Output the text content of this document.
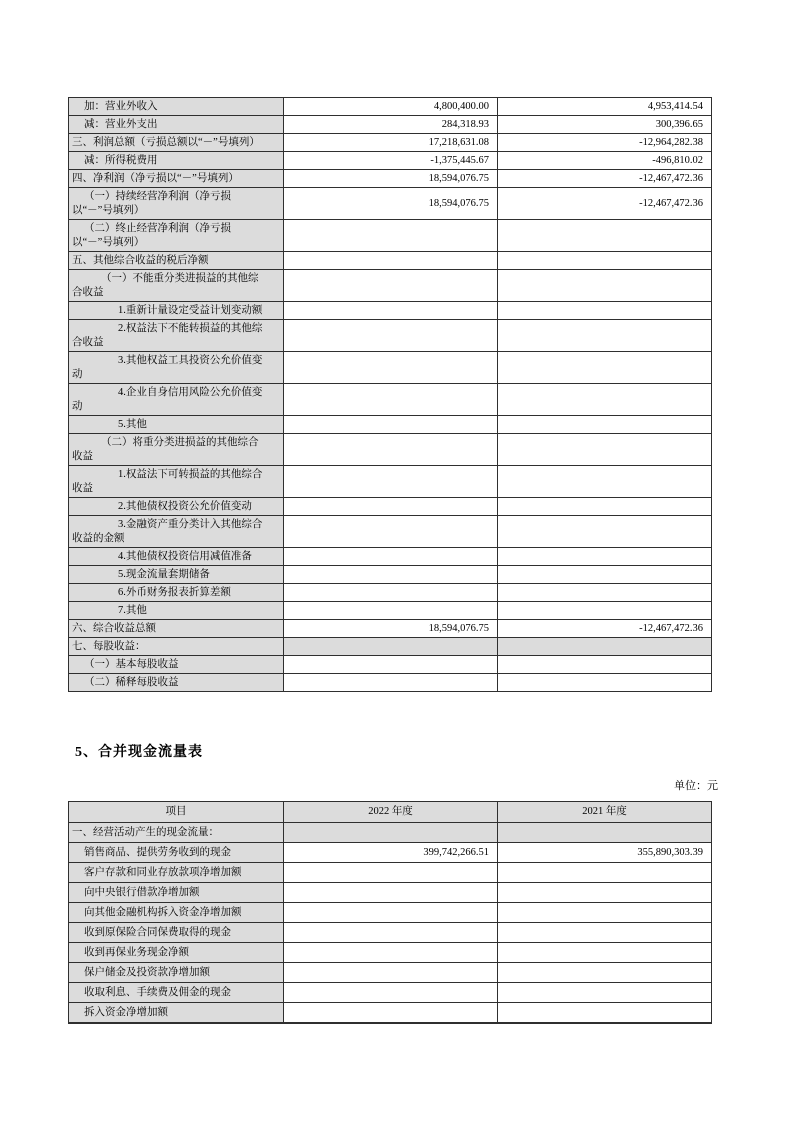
加：营业外收入	4,800,400.00	4,953,414.54
减：营业外支出	284,318.93	300,396.65
三、利润总额（亏损总额以“－”号填列）	17,218,631.08	-12,964,282.38
减：所得税费用	-1,375,445.67	-496,810.02
四、净利润（净亏损以“－”号填列）	18,594,076.75	-12,467,472.36
（一）持续经营净利润（净亏损以“－”号填列）	18,594,076.75	-12,467,472.36
（二）终止经营净利润（净亏损以“－”号填列）		
五、其他综合收益的税后净额		
（一）不能重分类进损益的其他综合收益		
1.重新计量设定受益计划变动额		
2.权益法下不能转损益的其他综合收益		
3.其他权益工具投资公允价值变动		
4.企业自身信用风险公允价值变动		
5.其他		
（二）将重分类进损益的其他综合收益		
1.权益法下可转损益的其他综合收益		
2.其他债权投资公允价值变动		
3.金融资产重分类计入其他综合收益的金额		
4.其他债权投资信用减值准备		
5.现金流量套期储备		
6.外币财务报表折算差额		
7.其他		
六、综合收益总额	18,594,076.75	-12,467,472.36
七、每股收益：		
（一）基本每股收益		
（二）稀释每股收益		
5、合并现金流量表
单位：元
项目	2022 年度	2021 年度
一、经营活动产生的现金流量：		
销售商品、提供劳务收到的现金	399,742,266.51	355,890,303.39
客户存款和同业存放款项净增加额		
向中央银行借款净增加额		
向其他金融机构拆入资金净增加额		
收到原保险合同保费取得的现金		
收到再保业务现金净额		
保户储金及投资款净增加额		
收取利息、手续费及佣金的现金		
拆入资金净增加额		
